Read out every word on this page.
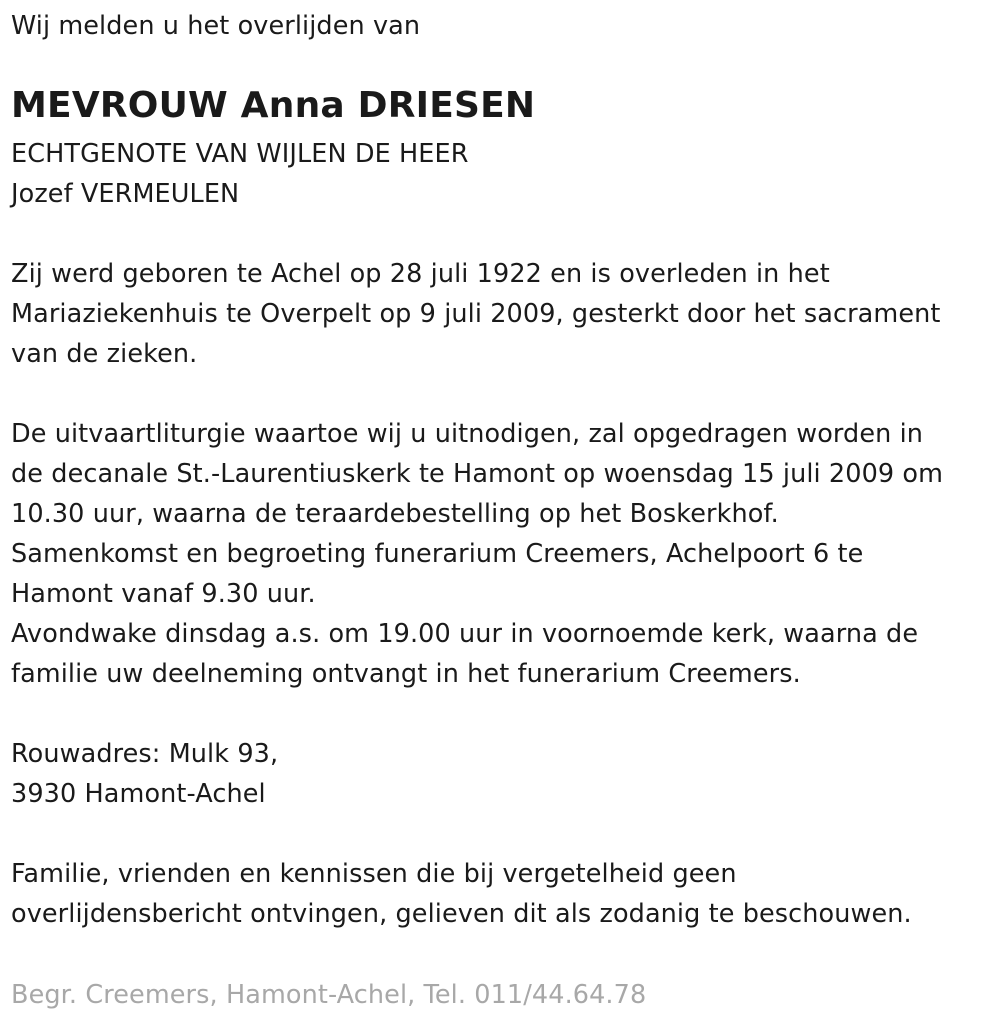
Wij melden u het overlijden van
MEVROUW Anna DRIESEN
ECHTGENOTE VAN WIJLEN DE HEER
Jozef VERMEULEN
Zij werd geboren te Achel op 28 juli 1922 en is overleden in het
Mariaziekenhuis te Overpelt op 9 juli 2009, gesterkt door het sacrament
van de zieken.
De uitvaartliturgie waartoe wij u uitnodigen, zal opgedragen worden in
de decanale St.-Laurentiuskerk te Hamont op woensdag 15 juli 2009 om
10.30 uur, waarna de teraardebestelling op het Boskerkhof.
Samenkomst en begroeting funerarium Creemers, Achelpoort 6 te
Hamont vanaf 9.30 uur.
Avondwake dinsdag a.s. om 19.00 uur in voornoemde kerk, waarna de
familie uw deelneming ontvangt in het funerarium Creemers.
Rouwadres: Mulk 93,
3930 Hamont-Achel
Familie, vrienden en kennissen die bij vergetelheid geen
overlijdensbericht ontvingen, gelieven dit als zodanig te beschouwen.
Begr. Creemers, Hamont-Achel, Tel. 011/44.64.78
